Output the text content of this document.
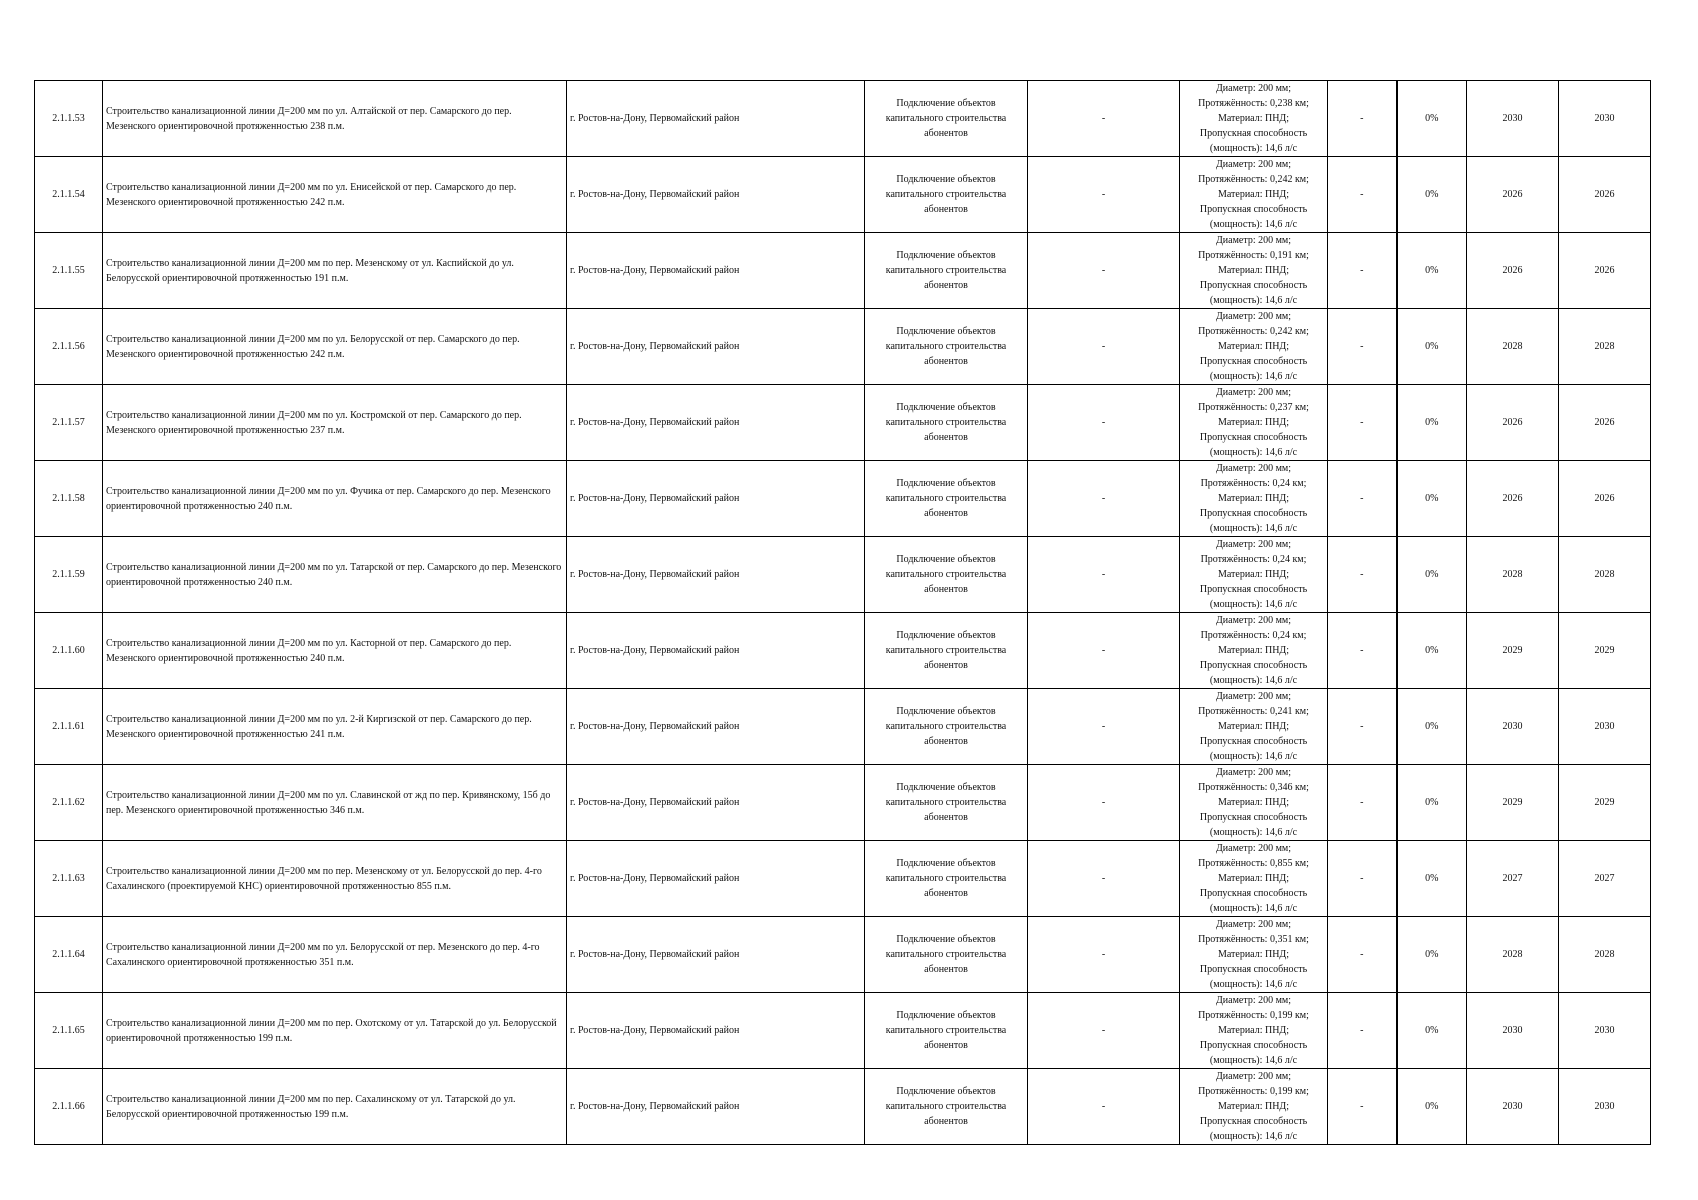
2.1.1.53	Строительство канализационной линии Д=200 мм по ул. Алтайской от пер. Самарского до пер. Мезенского ориентировочной протяженностью 238 п.м.	г. Ростов-на-Дону, Первомайский район	Подключение объектов капитального строительства абонентов	-	Диаметр: 200 мм;
Протяжённость: 0,238 км;
Материал: ПНД;
Пропускная способность
(мощность): 14,6 л/с	-	0%	2030	2030
2.1.1.54	Строительство канализационной линии Д=200 мм по ул. Енисейской от пер. Самарского до пер. Мезенского ориентировочной протяженностью 242 п.м.	г. Ростов-на-Дону, Первомайский район	Подключение объектов капитального строительства абонентов	-	Диаметр: 200 мм;
Протяжённость: 0,242 км;
Материал: ПНД;
Пропускная способность
(мощность): 14,6 л/с	-	0%	2026	2026
2.1.1.55	Строительство канализационной линии Д=200 мм по пер. Мезенскому от ул. Каспийской до ул. Белорусской ориентировочной протяженностью 191 п.м.	г. Ростов-на-Дону, Первомайский район	Подключение объектов капитального строительства абонентов	-	Диаметр: 200 мм;
Протяжённость: 0,191 км;
Материал: ПНД;
Пропускная способность
(мощность): 14,6 л/с	-	0%	2026	2026
2.1.1.56	Строительство канализационной линии Д=200 мм по ул. Белорусской от пер. Самарского до пер. Мезенского ориентировочной протяженностью 242 п.м.	г. Ростов-на-Дону, Первомайский район	Подключение объектов капитального строительства абонентов	-	Диаметр: 200 мм;
Протяжённость: 0,242 км;
Материал: ПНД;
Пропускная способность
(мощность): 14,6 л/с	-	0%	2028	2028
2.1.1.57	Строительство канализационной линии Д=200 мм по ул. Костромской от пер. Самарского до пер. Мезенского ориентировочной протяженностью 237 п.м.	г. Ростов-на-Дону, Первомайский район	Подключение объектов капитального строительства абонентов	-	Диаметр: 200 мм;
Протяжённость: 0,237 км;
Материал: ПНД;
Пропускная способность
(мощность): 14,6 л/с	-	0%	2026	2026
2.1.1.58	Строительство канализационной линии Д=200 мм по ул. Фучика от пер. Самарского до пер. Мезенского ориентировочной протяженностью 240 п.м.	г. Ростов-на-Дону, Первомайский район	Подключение объектов капитального строительства абонентов	-	Диаметр: 200 мм;
Протяжённость: 0,24 км;
Материал: ПНД;
Пропускная способность
(мощность): 14,6 л/с	-	0%	2026	2026
2.1.1.59	Строительство канализационной линии Д=200 мм по ул. Татарской от пер. Самарского до пер. Мезенского ориентировочной протяженностью 240 п.м.	г. Ростов-на-Дону, Первомайский район	Подключение объектов капитального строительства абонентов	-	Диаметр: 200 мм;
Протяжённость: 0,24 км;
Материал: ПНД;
Пропускная способность
(мощность): 14,6 л/с	-	0%	2028	2028
2.1.1.60	Строительство канализационной линии Д=200 мм по ул. Касторной от пер. Самарского до пер. Мезенского ориентировочной протяженностью 240 п.м.	г. Ростов-на-Дону, Первомайский район	Подключение объектов капитального строительства абонентов	-	Диаметр: 200 мм;
Протяжённость: 0,24 км;
Материал: ПНД;
Пропускная способность
(мощность): 14,6 л/с	-	0%	2029	2029
2.1.1.61	Строительство канализационной линии Д=200 мм по ул. 2-й Киргизской от пер. Самарского до пер. Мезенского ориентировочной протяженностью 241 п.м.	г. Ростов-на-Дону, Первомайский район	Подключение объектов капитального строительства абонентов	-	Диаметр: 200 мм;
Протяжённость: 0,241 км;
Материал: ПНД;
Пропускная способность
(мощность): 14,6 л/с	-	0%	2030	2030
2.1.1.62	Строительство канализационной линии Д=200 мм по ул. Славинской от жд по пер. Кривянскому, 15б до пер. Мезенского ориентировочной протяженностью 346 п.м.	г. Ростов-на-Дону, Первомайский район	Подключение объектов капитального строительства абонентов	-	Диаметр: 200 мм;
Протяжённость: 0,346 км;
Материал: ПНД;
Пропускная способность
(мощность): 14,6 л/с	-	0%	2029	2029
2.1.1.63	Строительство канализационной линии Д=200 мм по пер. Мезенскому от ул. Белорусской до пер. 4-го Сахалинского (проектируемой КНС) ориентировочной протяженностью 855 п.м.	г. Ростов-на-Дону, Первомайский район	Подключение объектов капитального строительства абонентов	-	Диаметр: 200 мм;
Протяжённость: 0,855 км;
Материал: ПНД;
Пропускная способность
(мощность): 14,6 л/с	-	0%	2027	2027
2.1.1.64	Строительство канализационной линии Д=200 мм по ул. Белорусской от пер. Мезенского до пер. 4-го Сахалинского ориентировочной протяженностью 351 п.м.	г. Ростов-на-Дону, Первомайский район	Подключение объектов капитального строительства абонентов	-	Диаметр: 200 мм;
Протяжённость: 0,351 км;
Материал: ПНД;
Пропускная способность
(мощность): 14,6 л/с	-	0%	2028	2028
2.1.1.65	Строительство канализационной линии Д=200 мм по пер. Охотскому от ул. Татарской до ул. Белорусской ориентировочной протяженностью 199 п.м.	г. Ростов-на-Дону, Первомайский район	Подключение объектов капитального строительства абонентов	-	Диаметр: 200 мм;
Протяжённость: 0,199 км;
Материал: ПНД;
Пропускная способность
(мощность): 14,6 л/с	-	0%	2030	2030
2.1.1.66	Строительство канализационной линии Д=200 мм по пер. Сахалинскому от ул. Татарской до ул. Белорусской ориентировочной протяженностью 199 п.м.	г. Ростов-на-Дону, Первомайский район	Подключение объектов капитального строительства абонентов	-	Диаметр: 200 мм;
Протяжённость: 0,199 км;
Материал: ПНД;
Пропускная способность
(мощность): 14,6 л/с	-	0%	2030	2030
